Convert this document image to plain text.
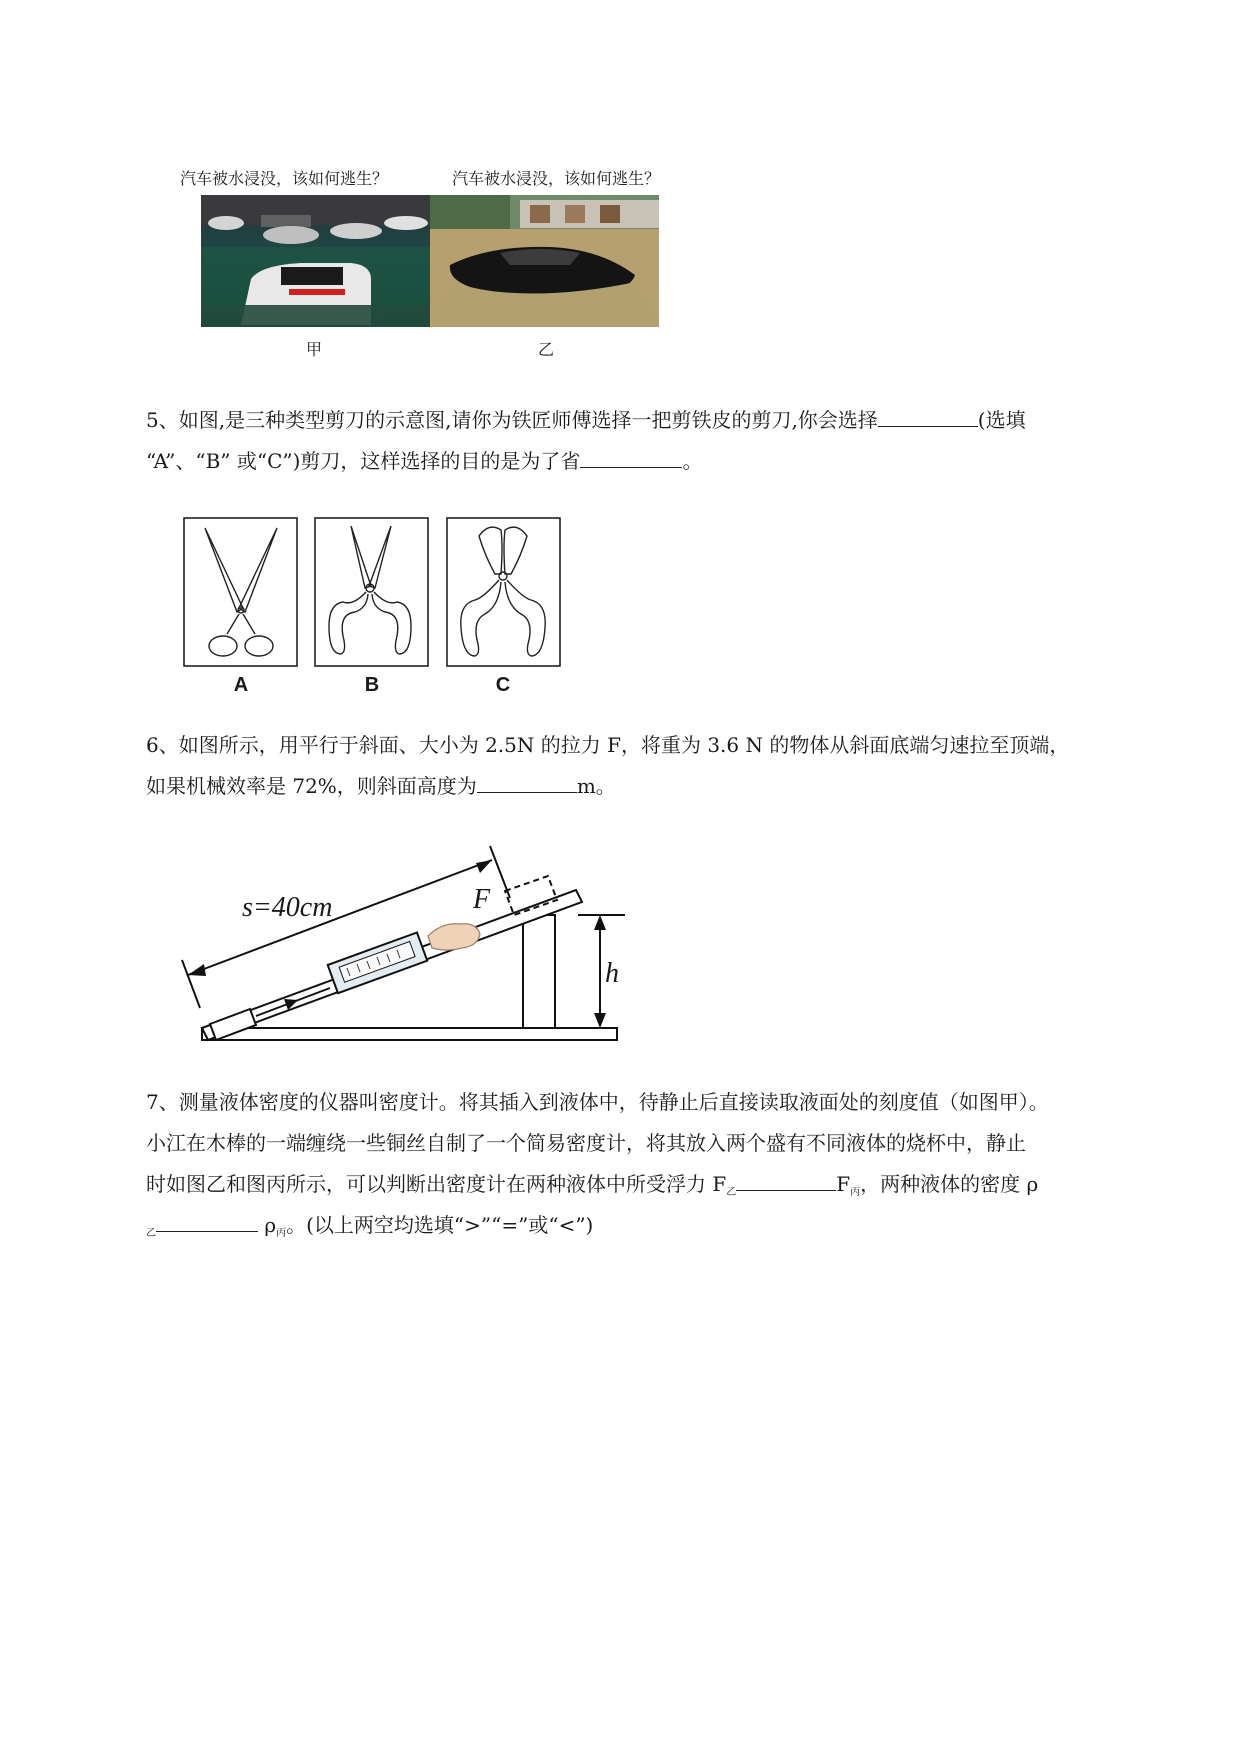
汽车被水浸没，该如何逃生？	汽车被水浸没，该如何逃生？
甲	乙
5、如图,是三种类型剪刀的示意图,请你为铁匠师傅选择一把剪铁皮的剪刀,你会选择	(选填
“A”、“B” 或“C”)剪刀，这样选择的目的是为了省	。
A	B	C
6、如图所示，用平行于斜面、大小为 2.5N 的拉力 F，将重为 3.6 N 的物体从斜面底端匀速拉至顶端，
如果机械效率是 72%，则斜面高度为	m。
s=40cm	F
h
7、测量液体密度的仪器叫密度计。将其插入到液体中，待静止后直接读取液面处的刻度值（如图甲）。
小江在木棒的一端缠绕一些铜丝自制了一个简易密度计，将其放入两个盛有不同液体的烧杯中，静止
时如图乙和图丙所示，可以判断出密度计在两种液体中所受浮力 $F_乙$	$F_丙$，两种液体的密度 ρ
$_乙$	$\rho_丙$。(以上两空均选填“>”“=”或“<”)
